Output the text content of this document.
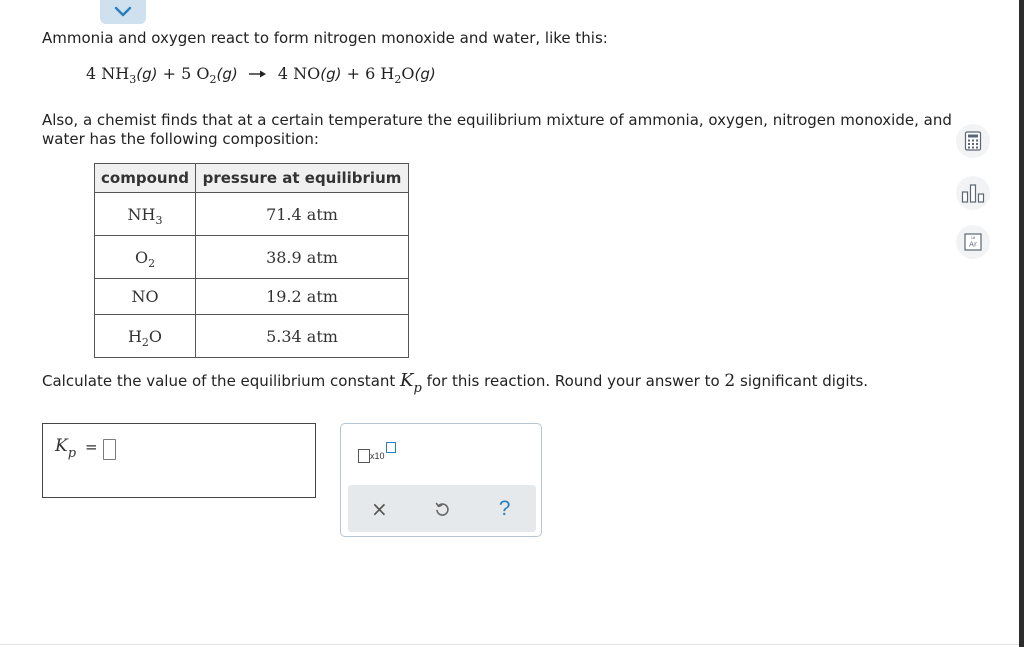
Ammonia and oxygen react to form nitrogen monoxide and water, like this:
4 $NH_3(g) + 5$ $O_2(g) \to 4$ NO(g) + 6 $H_2O(g)$
Also, a chemist finds that at a certain temperature the equilibrium mixture of ammonia, oxygen, nitrogen monoxide, and water has the following composition:
compound	pressure at equilibrium
$NH_3$	71.4 atm
$O_2$	38.9 atm
NO	19.2 atm
$H_2O$	5.34 atm
Calculate the value of the equilibrium constant $K_p$ for this reaction. Round your answer to 2 significant digits.
$K_p$ =	x10
×	?
18
Ar
